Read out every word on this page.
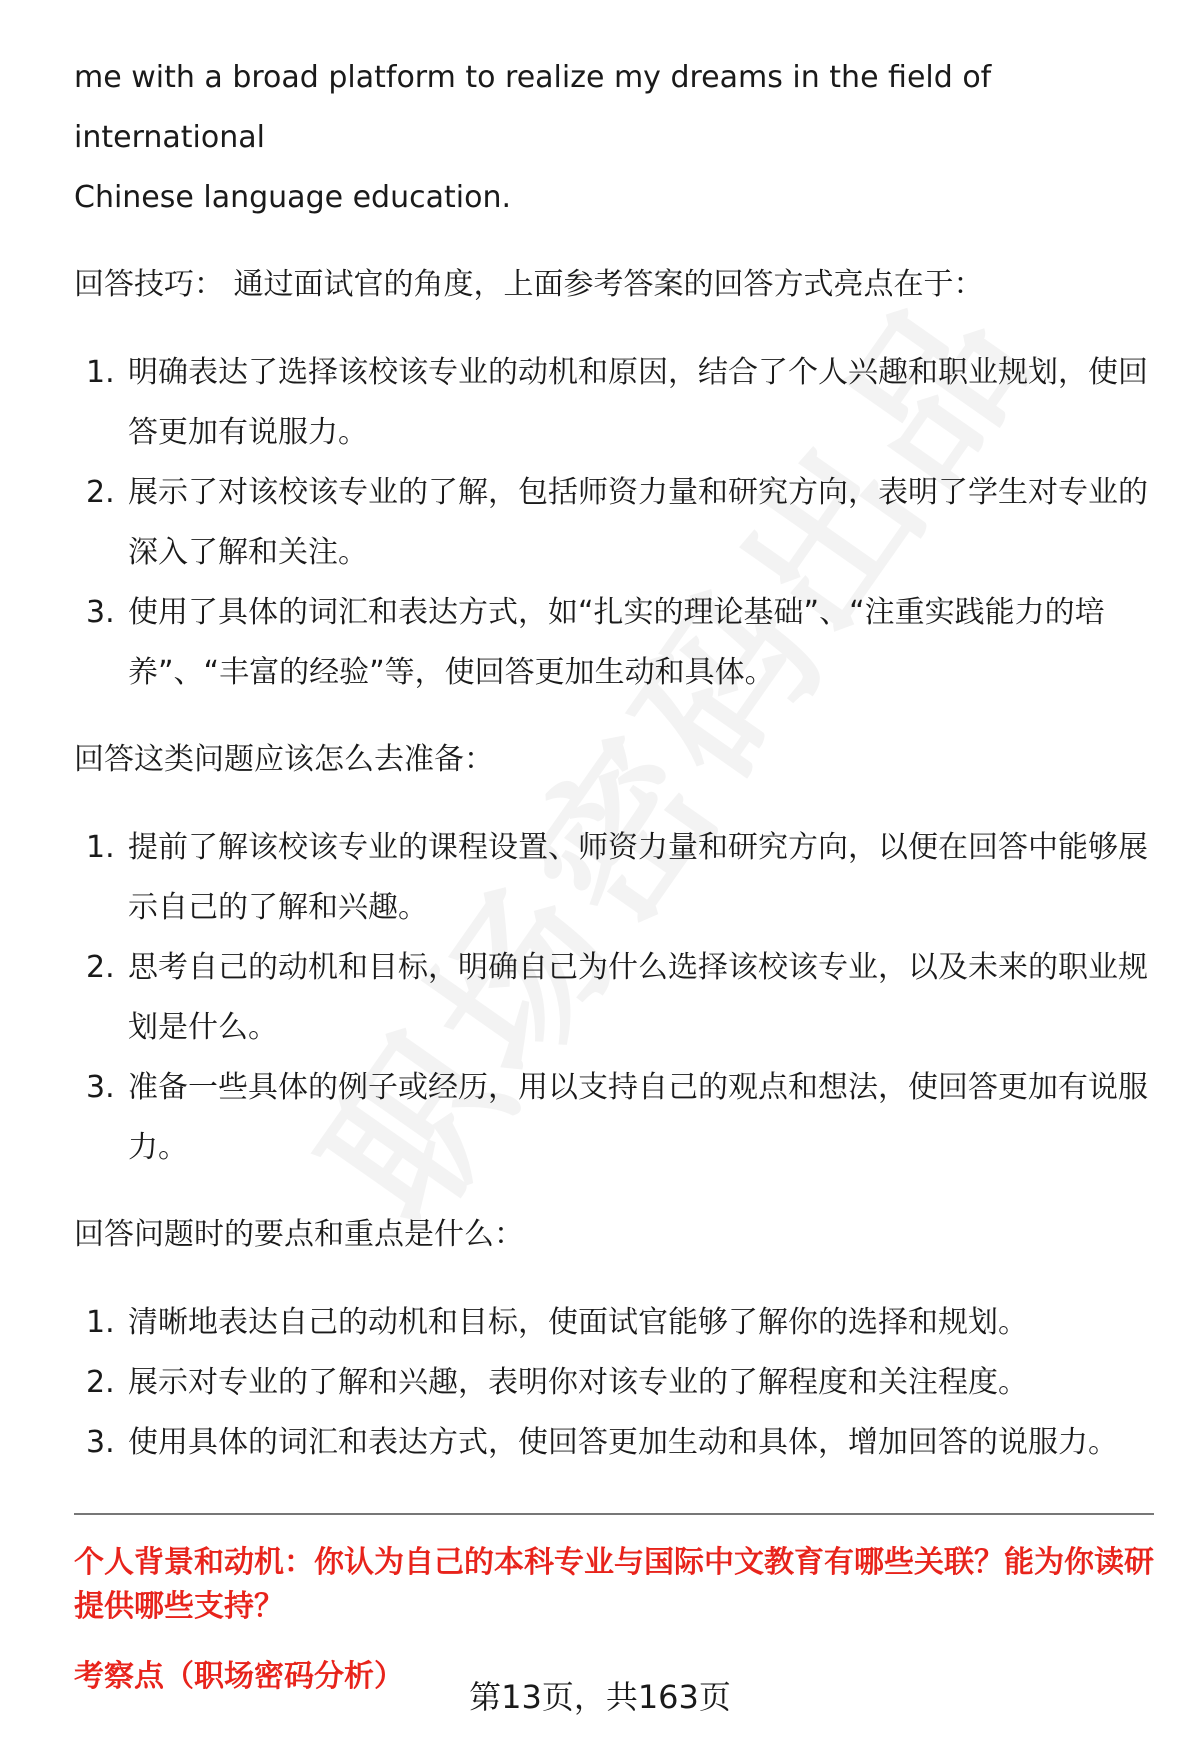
me with a broad platform to realize my dreams in the field of international

Chinese language education.

回答技巧： 通过面试官的角度，上面参考答案的回答方式亮点在于：

1. 明确表达了选择该校该专业的动机和原因，结合了个人兴趣和职业规划，使回答更加有说服力。
2. 展示了对该校该专业的了解，包括师资力量和研究方向，表明了学生对专业的深入了解和关注。
3. 使用了具体的词汇和表达方式，如“扎实的理论基础”、“注重实践能力的培养”、“丰富的经验”等，使回答更加生动和具体。

回答这类问题应该怎么去准备：

1. 提前了解该校该专业的课程设置、师资力量和研究方向，以便在回答中能够展示自己的了解和兴趣。
2. 思考自己的动机和目标，明确自己为什么选择该校该专业，以及未来的职业规划是什么。
3. 准备一些具体的例子或经历，用以支持自己的观点和想法，使回答更加有说服力。

回答问题时的要点和重点是什么：

1. 清晰地表达自己的动机和目标，使面试官能够了解你的选择和规划。
2. 展示对专业的了解和兴趣，表明你对该专业的了解程度和关注程度。
3. 使用具体的词汇和表达方式，使回答更加生动和具体，增加回答的说服力。

个人背景和动机：你认为自己的本科专业与国际中文教育有哪些关联？能为你读研提供哪些支持？

考察点（职场密码分析）

第13页，共163页
